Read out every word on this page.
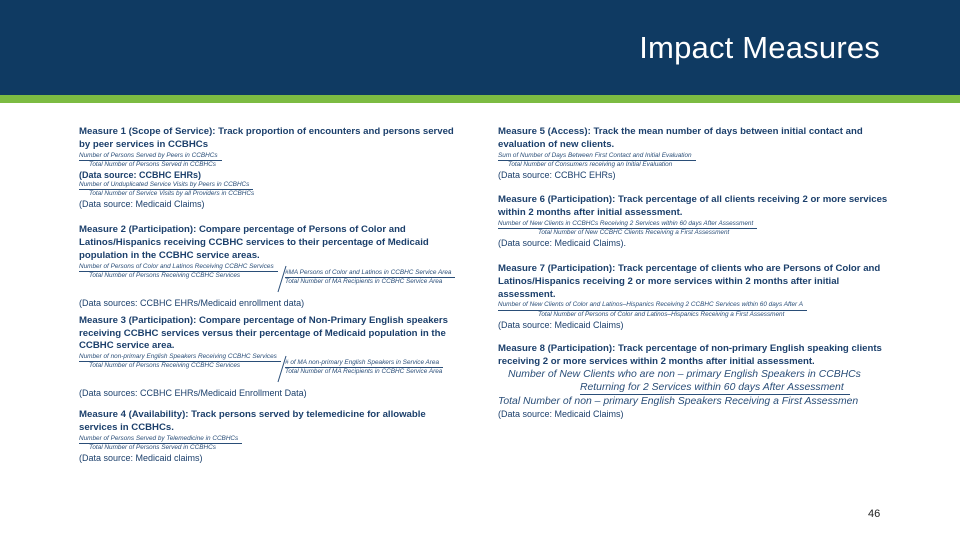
Impact Measures
Measure 1 (Scope of Service): Track proportion of encounters and persons served by peer services in CCBHCs
Number of Persons Served by Peers in CCBHCs
Total Number of Persons Served in CCBHCs
(Data source: CCBHC EHRs)
Number of Unduplicated Service Visits by Peers in CCBHCs
Total Number of Service Visits by all Providers in CCBHCs
(Data source: Medicaid Claims)
Measure 2 (Participation): Compare percentage of Persons of Color and Latinos/Hispanics receiving CCBHC services to their percentage of Medicaid population in the CCBHC service areas.
Number of Persons of Color and Latinos Receiving CCBHC Services
Total Number of Persons Receiving CCBHC Services	#MA Persons of Color and Latinos in CCBHC Service Area
Total Number of MA Recipients in CCBHC Service Area
(Data sources: CCBHC EHRs/Medicaid enrollment data)
Measure 3 (Participation): Compare percentage of Non-Primary English speakers receiving CCBHC services versus their percentage of Medicaid population in the CCBHC service area.
Number of non-primary English Speakers Receiving CCBHC Services
Total Number of Persons Receiving CCBHC Services	# of MA non-primary English Speakers in Service Area
Total Number of MA Recipients in CCBHC Service Area
(Data sources: CCBHC EHRs/Medicaid Enrollment Data)
Measure 4 (Availability): Track persons served by telemedicine for allowable services in CCBHCs.
Number of Persons Served by Telemedicine in CCBHCs
Total Number of Persons Served in CCBHCs
(Data source: Medicaid claims)
Measure 5 (Access): Track the mean number of days between initial contact and evaluation of new clients.
Sum of Number of Days Between First Contact and Initial Evaluation
Total Number of Consumers receiving an Initial Evaluation
(Data source: CCBHC EHRs)
Measure 6 (Participation): Track percentage of all clients receiving 2 or more services within 2 months after initial assessment.
Number of New Clients in CCBHCs Receiving 2 Services within 60 days After Assessment
Total Number of New CCBHC Clients Receiving a First Assessment
(Data source: Medicaid Claims).
Measure 7 (Participation): Track percentage of clients who are Persons of Color and Latinos/Hispanics receiving 2 or more services within 2 months after initial assessment.
Number of New Clients of Color and Latinos–Hispanics Receiving 2 CCBHC Services within 60 days After A
Total Number of Persons of Color and Latinos–Hispanics Receiving a First Assessment
(Data source: Medicaid Claims)
Measure 8 (Participation): Track percentage of non-primary English speaking clients receiving 2 or more services within 2 months after initial assessment.
Number of New Clients who are non – primary English Speakers in CCBHCs
Returning for 2 Services within 60 days After Assessment
Total Number of non – primary English Speakers Receiving a First Assessmen
(Data source: Medicaid Claims)
46
